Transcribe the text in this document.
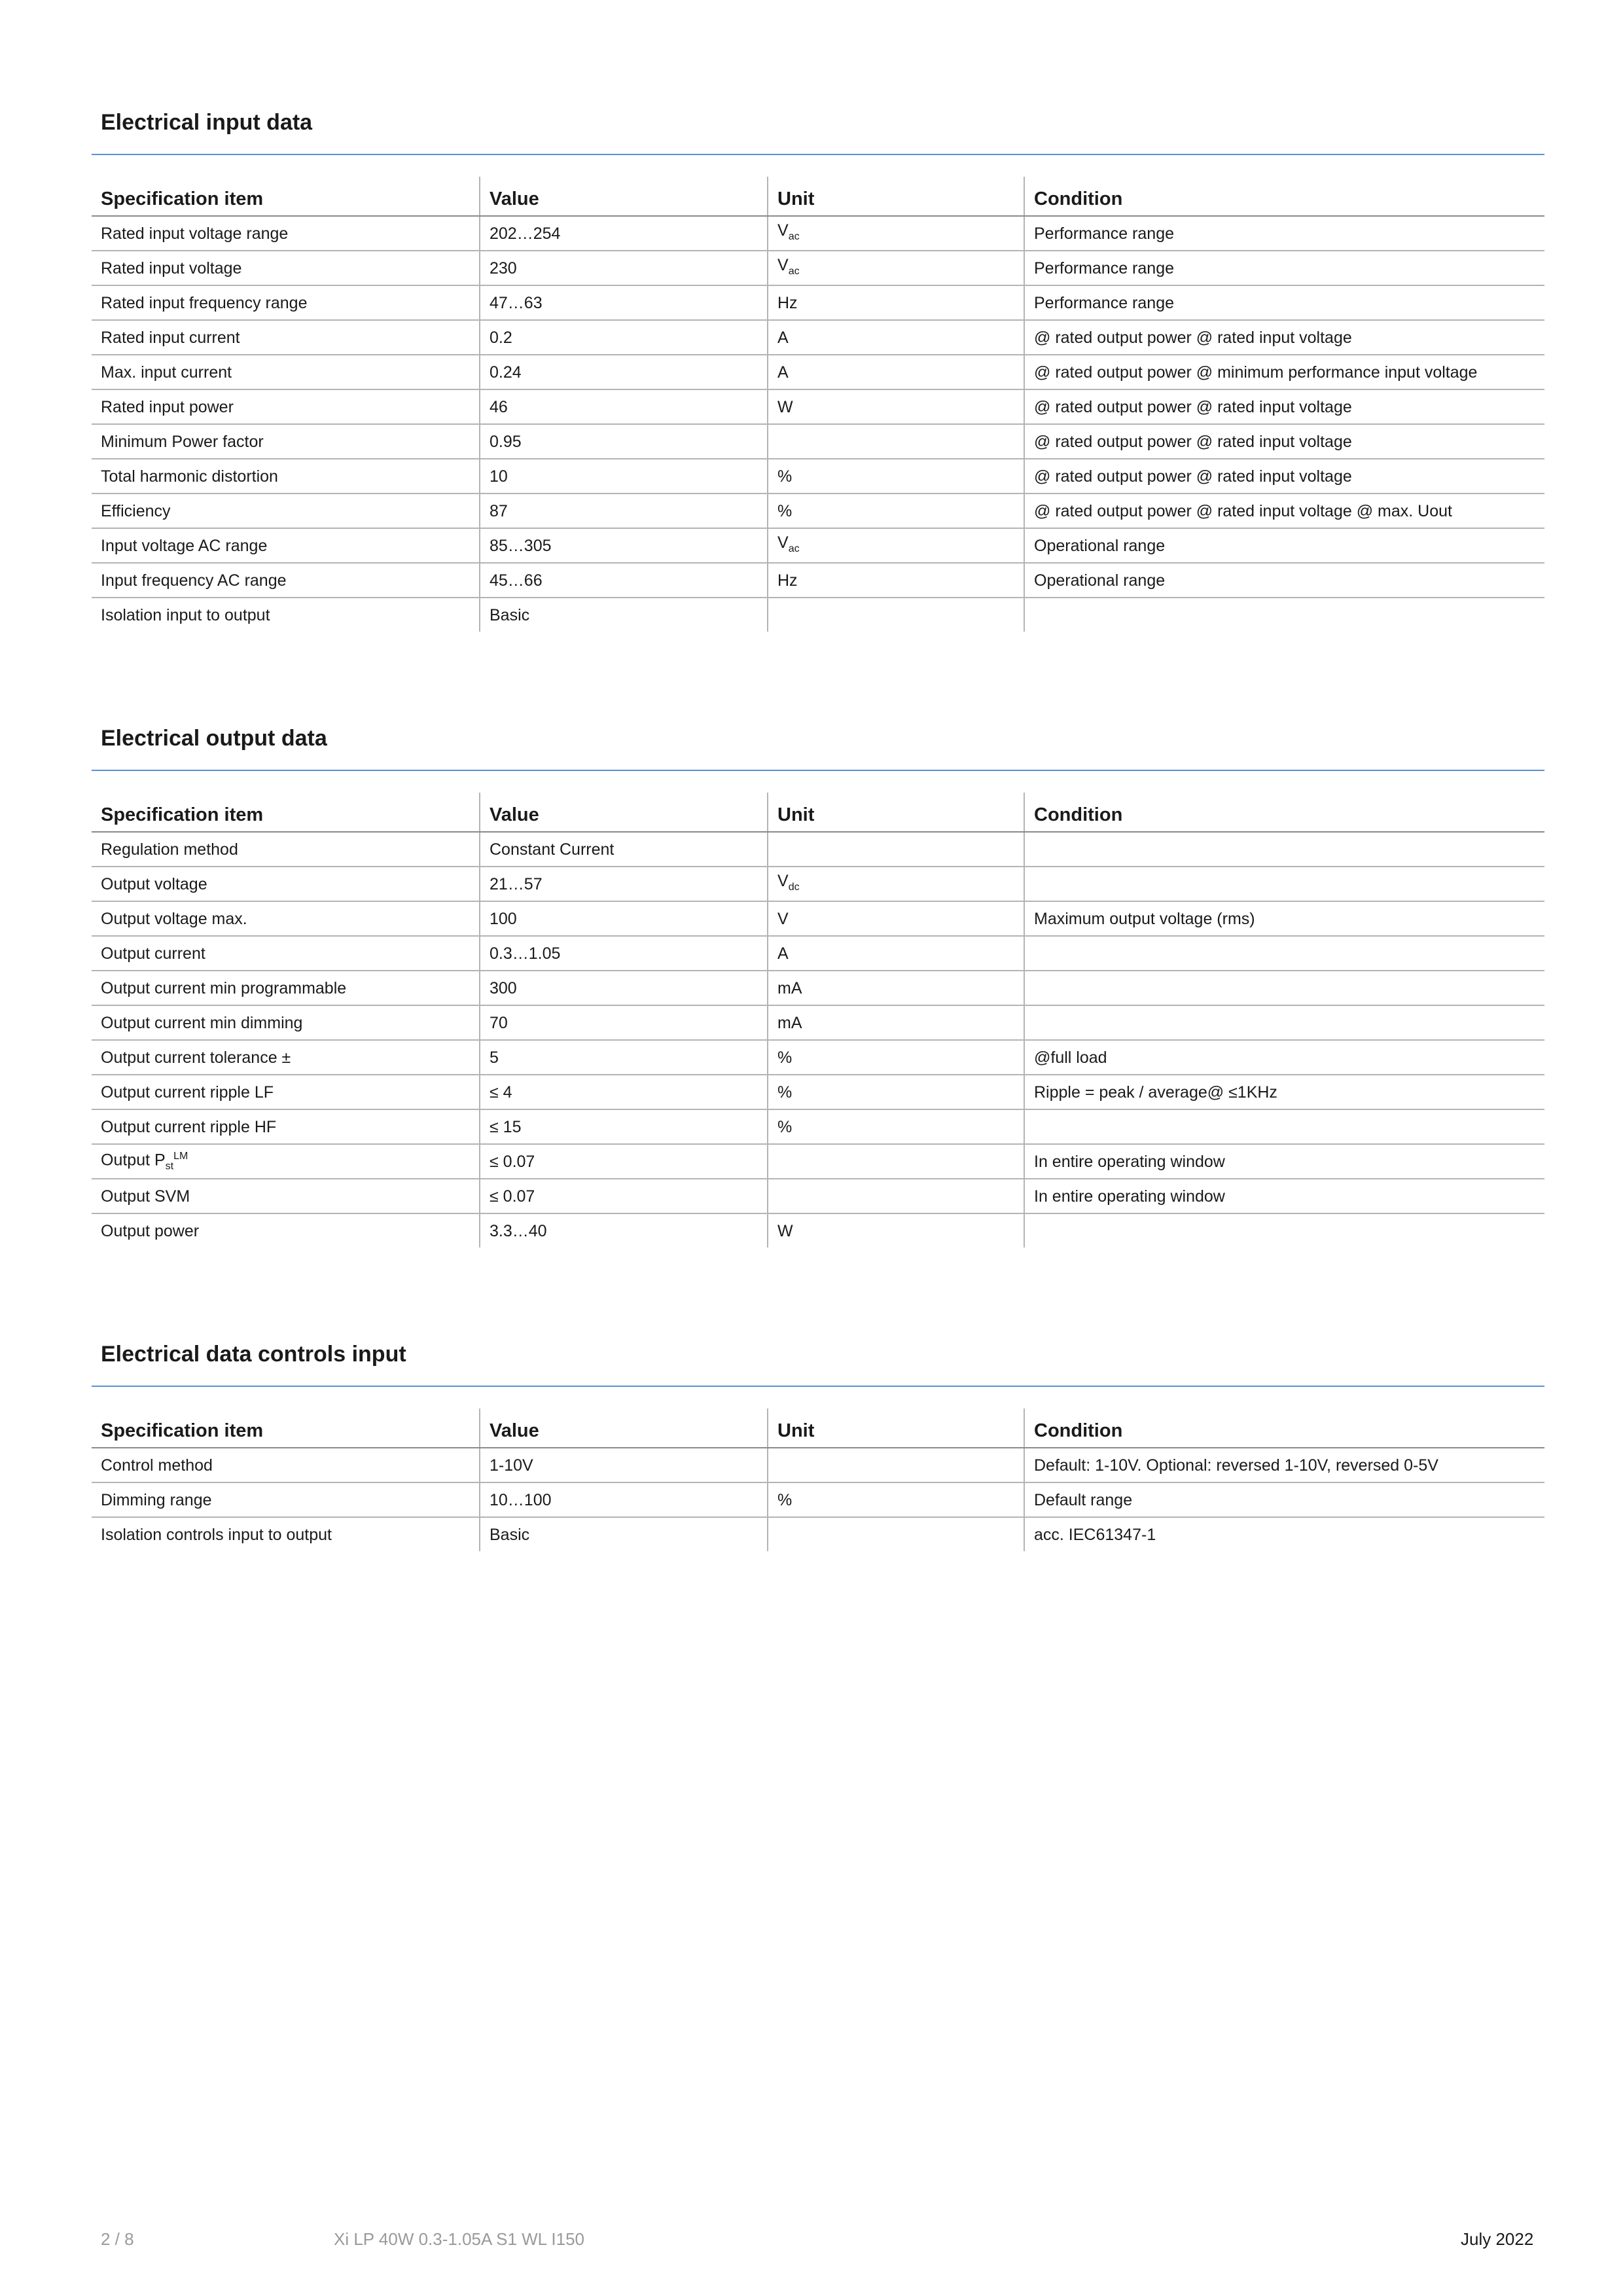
Electrical input data
Specification item	Value	Unit	Condition
Rated input voltage range	202…254	$V_{ac}$	Performance range
Rated input voltage	230	$V_{ac}$	Performance range
Rated input frequency range	47…63	Hz	Performance range
Rated input current	0.2	A	@ rated output power @ rated input voltage
Max. input current	0.24	A	@ rated output power @ minimum performance input voltage
Rated input power	46	W	@ rated output power @ rated input voltage
Minimum Power factor	0.95		@ rated output power @ rated input voltage
Total harmonic distortion	10	%	@ rated output power @ rated input voltage
Efficiency	87	%	@ rated output power @ rated input voltage @ max. Uout
Input voltage AC range	85…305	$V_{ac}$	Operational range
Input frequency AC range	45…66	Hz	Operational range
Isolation input to output	Basic		
Electrical output data
Specification item	Value	Unit	Condition
Regulation method	Constant Current		
Output voltage	21…57	$V_{dc}$	
Output voltage max.	100	V	Maximum output voltage (rms)
Output current	0.3…1.05	A	
Output current min programmable	300	mA	
Output current min dimming	70	mA	
Output current tolerance ±	5	%	@full load
Output current ripple LF	≤ 4	%	Ripple = peak / average@ ≤1KHz
Output current ripple HF	≤ 15	%	
Output $P_{st}^{LM}$	≤ 0.07		In entire operating window
Output SVM	≤ 0.07		In entire operating window
Output power	3.3…40	W	
Electrical data controls input
Specification item	Value	Unit	Condition
Control method	1-10V		Default: 1-10V. Optional: reversed 1-10V, reversed 0-5V
Dimming range	10…100	%	Default range
Isolation controls input to output	Basic		acc. IEC61347-1
2 / 8	Xi LP 40W 0.3-1.05A S1 WL I150	July 2022
